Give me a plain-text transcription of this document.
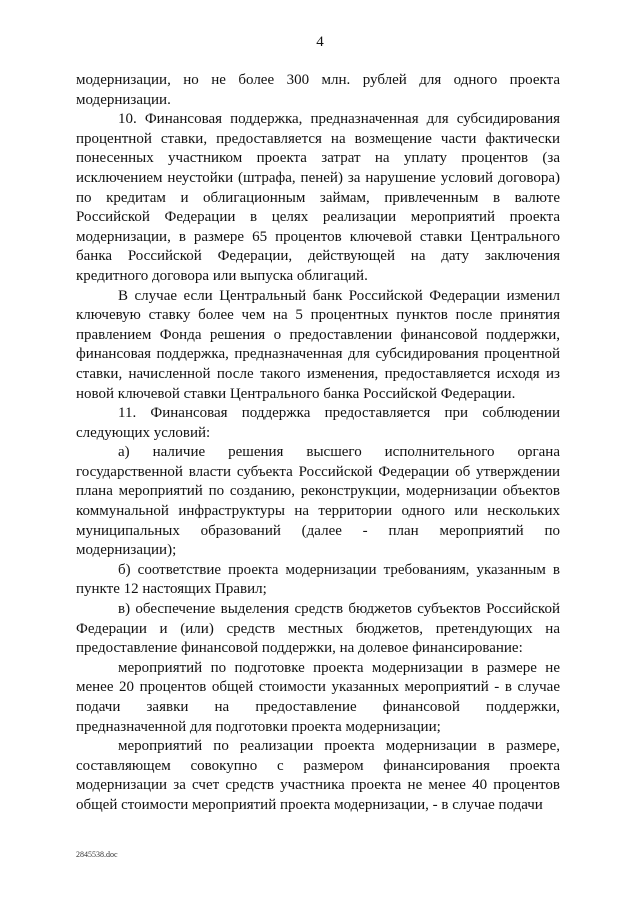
4

модернизации, но не более 300 млн. рублей для одного проекта модернизации.

10. Финансовая поддержка, предназначенная для субсидирования процентной ставки, предоставляется на возмещение части фактически понесенных участником проекта затрат на уплату процентов (за исключением неустойки (штрафа, пеней) за нарушение условий договора) по кредитам и облигационным займам, привлеченным в валюте Российской Федерации в целях реализации мероприятий проекта модернизации, в размере 65 процентов ключевой ставки Центрального банка Российской Федерации, действующей на дату заключения кредитного договора или выпуска облигаций.

В случае если Центральный банк Российской Федерации изменил ключевую ставку более чем на 5 процентных пунктов после принятия правлением Фонда решения о предоставлении финансовой поддержки, финансовая поддержка, предназначенная для субсидирования процентной ставки, начисленной после такого изменения, предоставляется исходя из новой ключевой ставки Центрального банка Российской Федерации.

11. Финансовая поддержка предоставляется при соблюдении следующих условий:

а) наличие решения высшего исполнительного органа государственной власти субъекта Российской Федерации об утверждении плана мероприятий по созданию, реконструкции, модернизации объектов коммунальной инфраструктуры на территории одного или нескольких муниципальных образований (далее - план мероприятий по модернизации);

б) соответствие проекта модернизации требованиям, указанным в пункте 12 настоящих Правил;

в) обеспечение выделения средств бюджетов субъектов Российской Федерации и (или) средств местных бюджетов, претендующих на предоставление финансовой поддержки, на долевое финансирование:

мероприятий по подготовке проекта модернизации в размере не менее 20 процентов общей стоимости указанных мероприятий - в случае подачи заявки на предоставление финансовой поддержки, предназначенной для подготовки проекта модернизации;

мероприятий по реализации проекта модернизации в размере, составляющем совокупно с размером финансирования проекта модернизации за счет средств участника проекта не менее 40 процентов общей стоимости мероприятий проекта модернизации, - в случае подачи

2845538.doc
